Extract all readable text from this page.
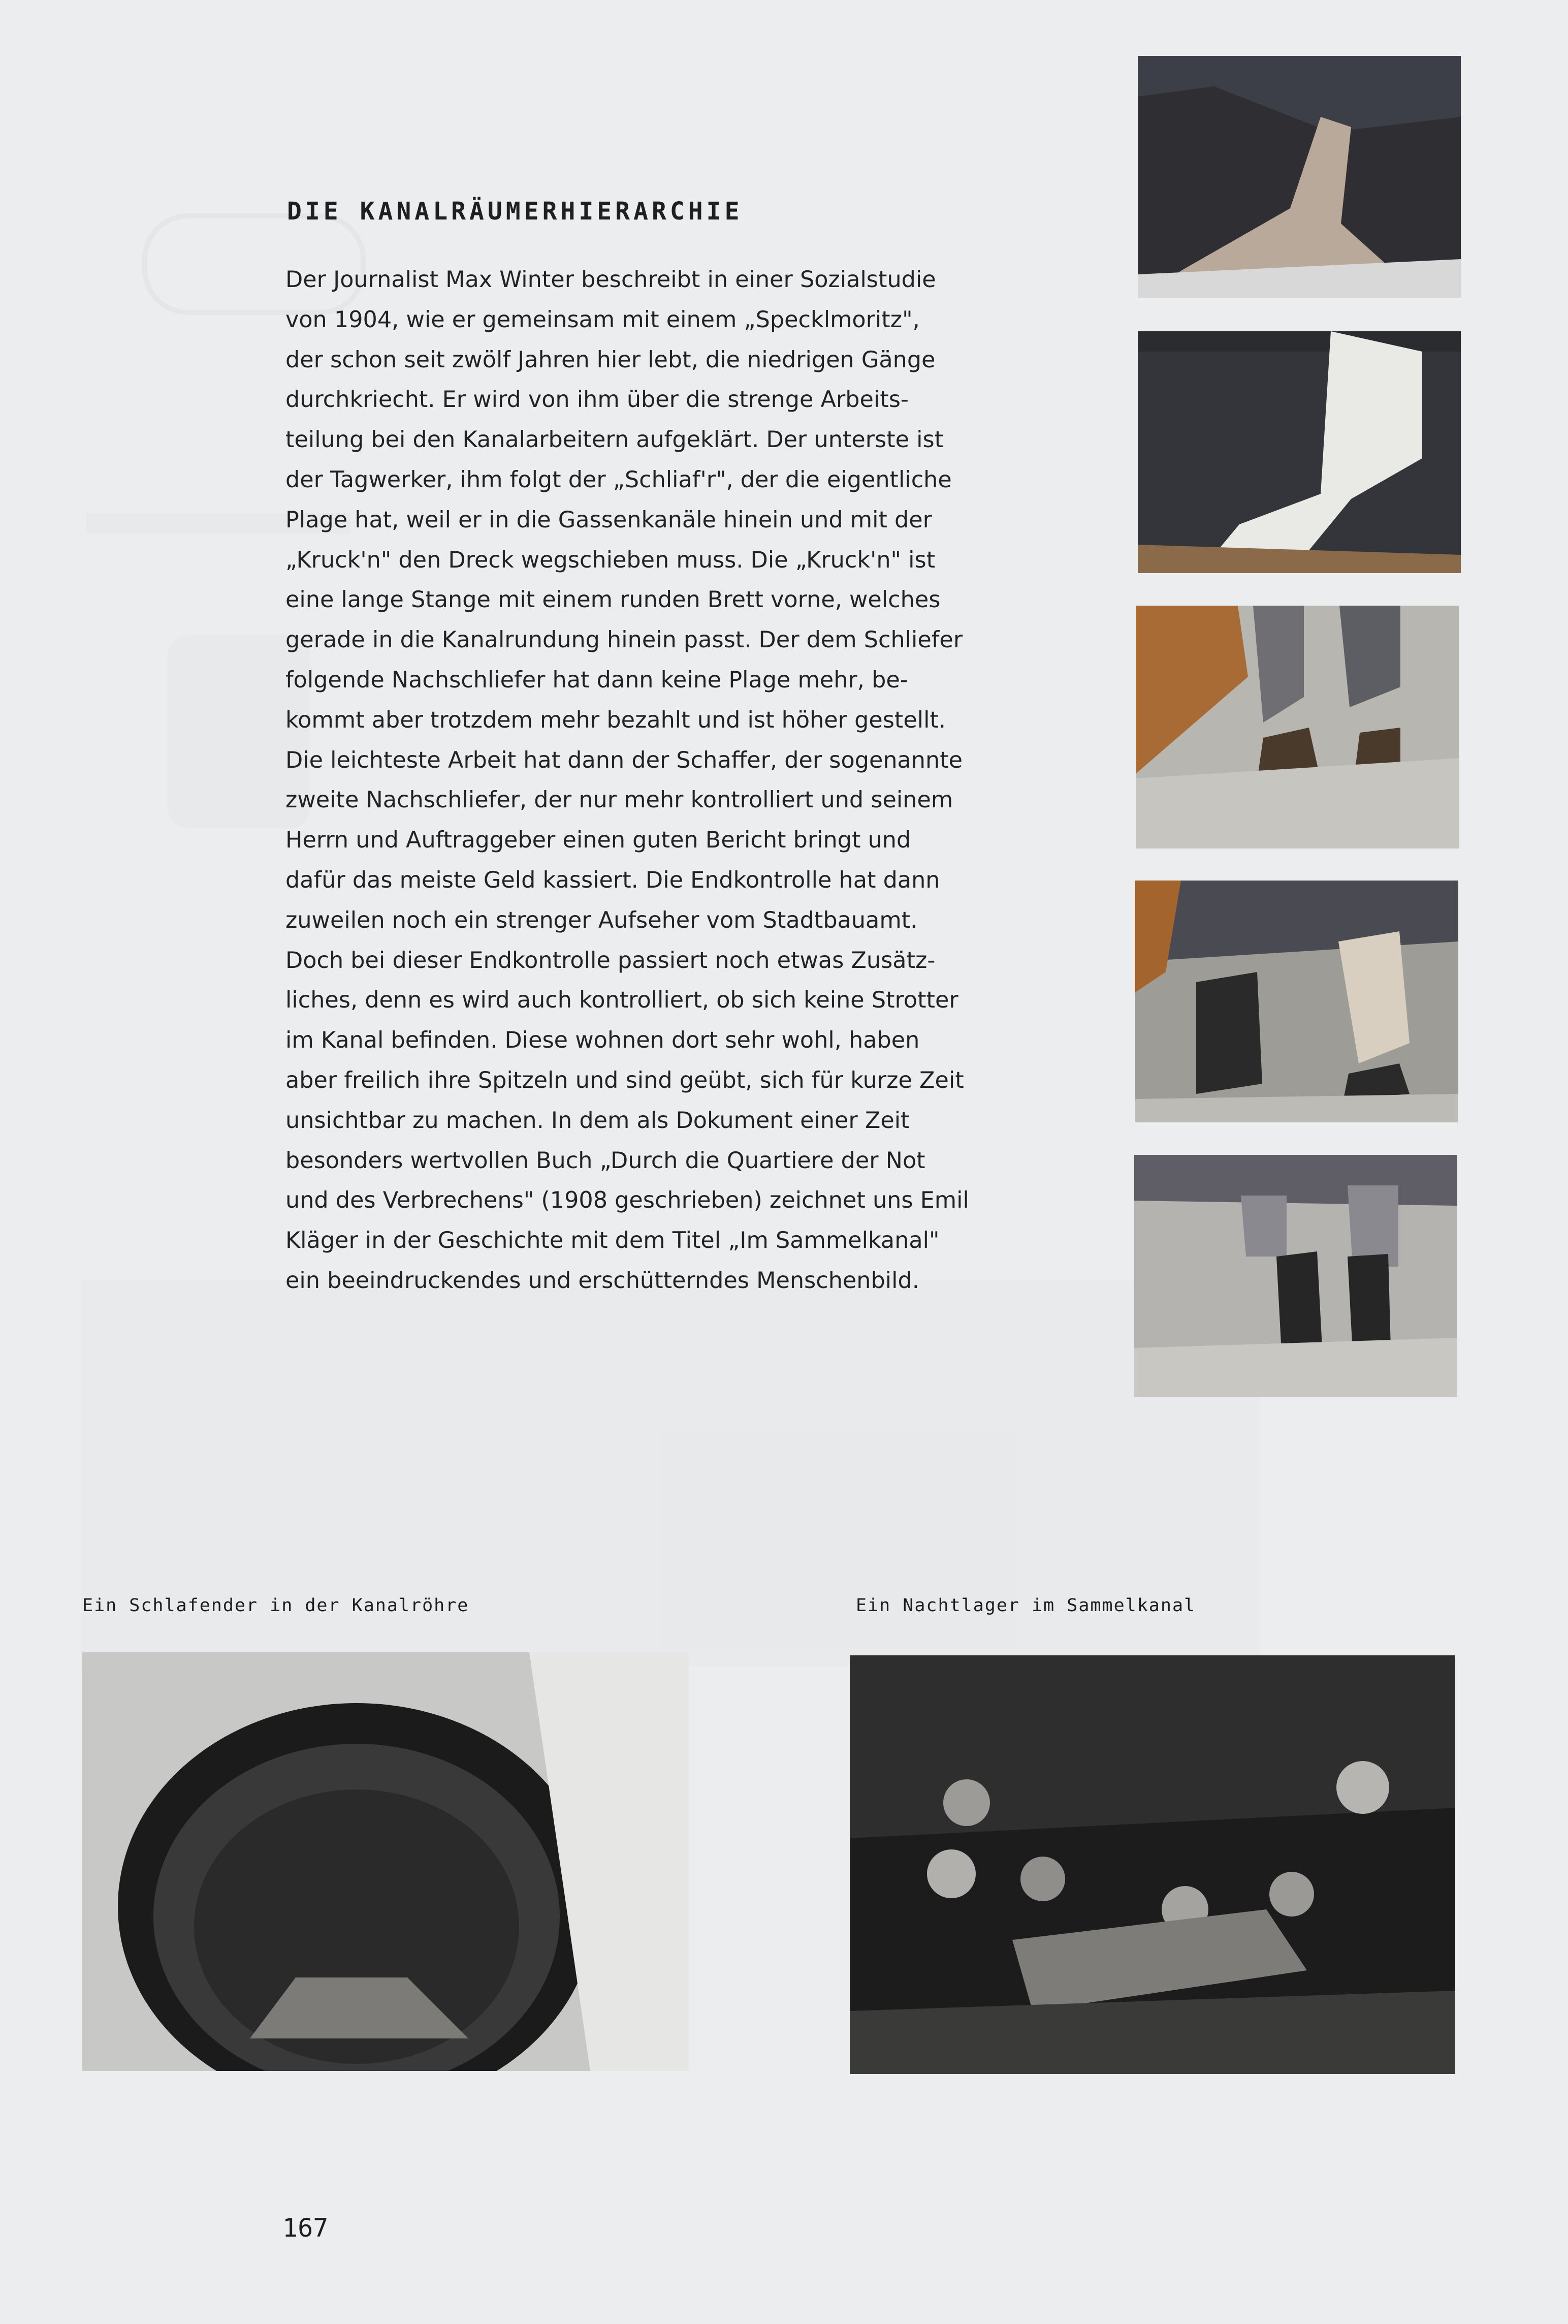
DIE KANALRÄUMERHIERARCHIE
Der Journalist Max Winter beschreibt in einer Sozialstudie
von 1904, wie er gemeinsam mit einem „Specklmoritz",
der schon seit zwölf Jahren hier lebt, die niedrigen Gänge
durchkriecht. Er wird von ihm über die strenge Arbeits-
teilung bei den Kanalarbeitern aufgeklärt. Der unterste ist
der Tagwerker, ihm folgt der „Schliaf'r", der die eigentliche
Plage hat, weil er in die Gassenkanäle hinein und mit der
„Kruck'n" den Dreck wegschieben muss. Die „Kruck'n" ist
eine lange Stange mit einem runden Brett vorne, welches
gerade in die Kanalrundung hinein passt. Der dem Schliefer
folgende Nachschliefer hat dann keine Plage mehr, be-
kommt aber trotzdem mehr bezahlt und ist höher gestellt.
Die leichteste Arbeit hat dann der Schaffer, der sogenannte
zweite Nachschliefer, der nur mehr kontrolliert und seinem
Herrn und Auftraggeber einen guten Bericht bringt und
dafür das meiste Geld kassiert. Die Endkontrolle hat dann
zuweilen noch ein strenger Aufseher vom Stadtbauamt.
Doch bei dieser Endkontrolle passiert noch etwas Zusätz-
liches, denn es wird auch kontrolliert, ob sich keine Strotter
im Kanal befinden. Diese wohnen dort sehr wohl, haben
aber freilich ihre Spitzeln und sind geübt, sich für kurze Zeit
unsichtbar zu machen. In dem als Dokument einer Zeit
besonders wertvollen Buch „Durch die Quartiere der Not
und des Verbrechens" (1908 geschrieben) zeichnet uns Emil
Kläger in der Geschichte mit dem Titel „Im Sammelkanal"
ein beeindruckendes und erschütterndes Menschenbild.

Ein Schlafender in der Kanalröhre	Ein Nachtlager im Sammelkanal

167
